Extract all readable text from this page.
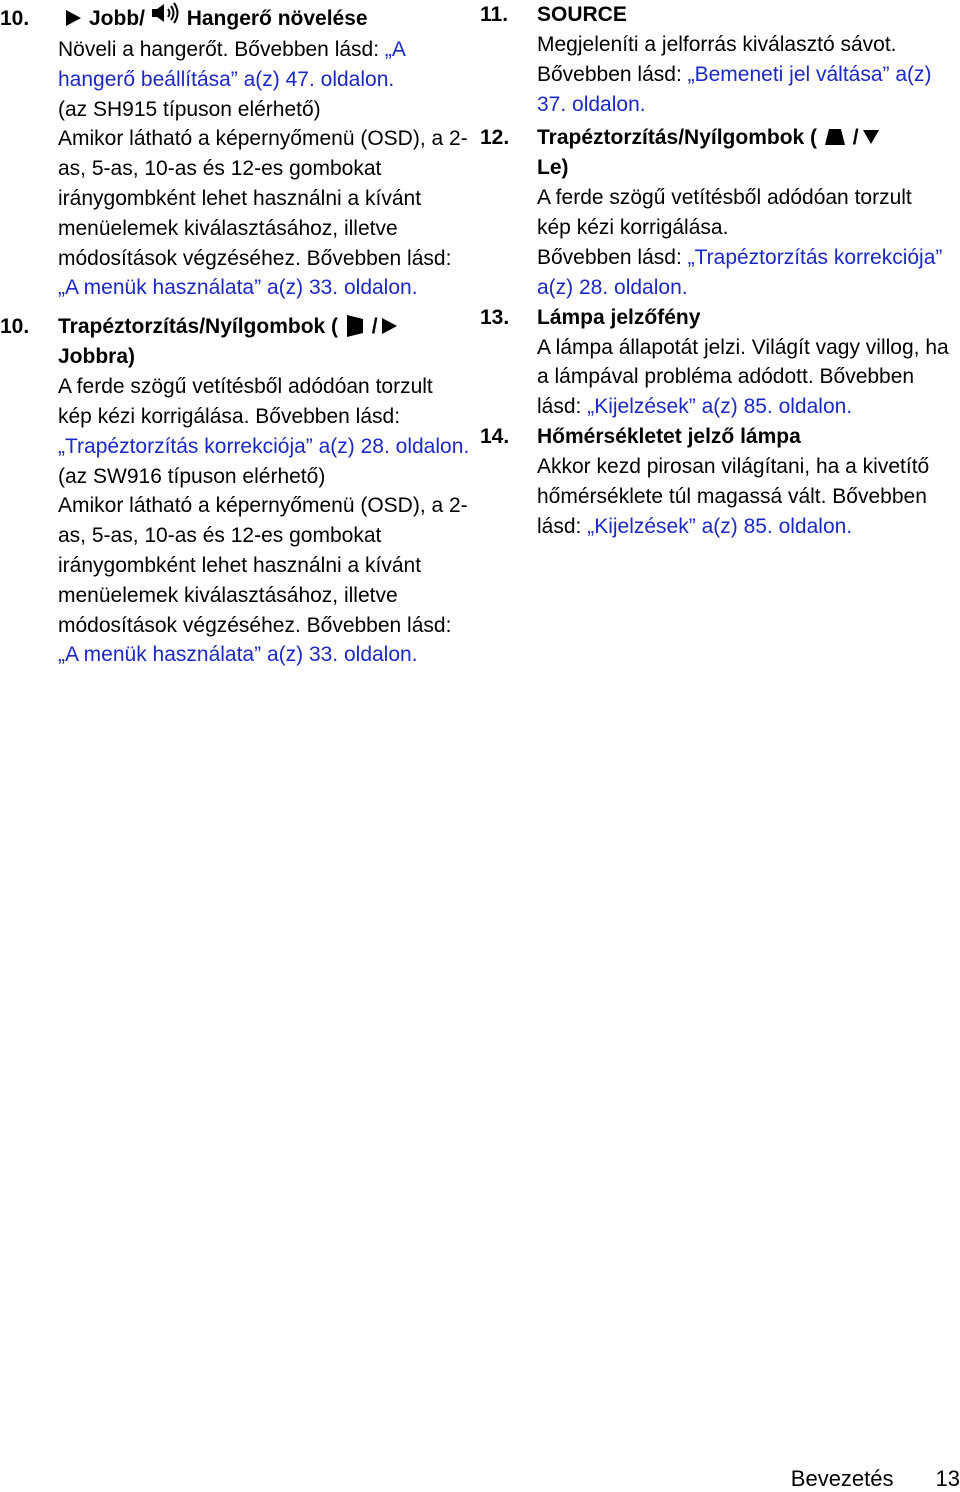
10.	Jobb/ Hangerő növelése
Növeli a hangerőt. Bővebben lásd: „A hangerő beállítása” a(z) 47. oldalon.
(az SH915 típuson elérhető)
Amikor látható a képernyőmenü (OSD), a 2-as, 5-as, 10-as és 12-es gombokat iránygombként lehet használni a kívánt menüelemek kiválasztásához, illetve módosítások végzéséhez. Bővebben lásd: „A menük használata” a(z) 33. oldalon.
10. Trapéztorzítás/Nyílgombok ( /
Jobbra)
A ferde szögű vetítésből adódóan torzult kép kézi korrigálása. Bővebben lásd: „Trapéztorzítás korrekciója” a(z) 28. oldalon. (az SW916 típuson elérhető)
Amikor látható a képernyőmenü (OSD), a 2-as, 5-as, 10-as és 12-es gombokat iránygombként lehet használni a kívánt menüelemek kiválasztásához, illetve módosítások végzéséhez. Bővebben lásd: „A menük használata” a(z) 33. oldalon.
11. SOURCE
Megjeleníti a jelforrás kiválasztó sávot. Bővebben lásd: „Bemeneti jel váltása” a(z) 37. oldalon.
12. Trapéztorzítás/Nyílgombok ( /
Le)
A ferde szögű vetítésből adódóan torzult kép kézi korrigálása.
Bővebben lásd: „Trapéztorzítás korrekciója” a(z) 28. oldalon.
13. Lámpa jelzőfény
A lámpa állapotát jelzi. Világít vagy villog, ha a lámpával probléma adódott. Bővebben lásd: „Kijelzések” a(z) 85. oldalon.
14. Hőmérsékletet jelző lámpa
Akkor kezd pirosan világítani, ha a kivetítő hőmérséklete túl magassá vált. Bővebben lásd: „Kijelzések” a(z) 85. oldalon.
Bevezetés 13
